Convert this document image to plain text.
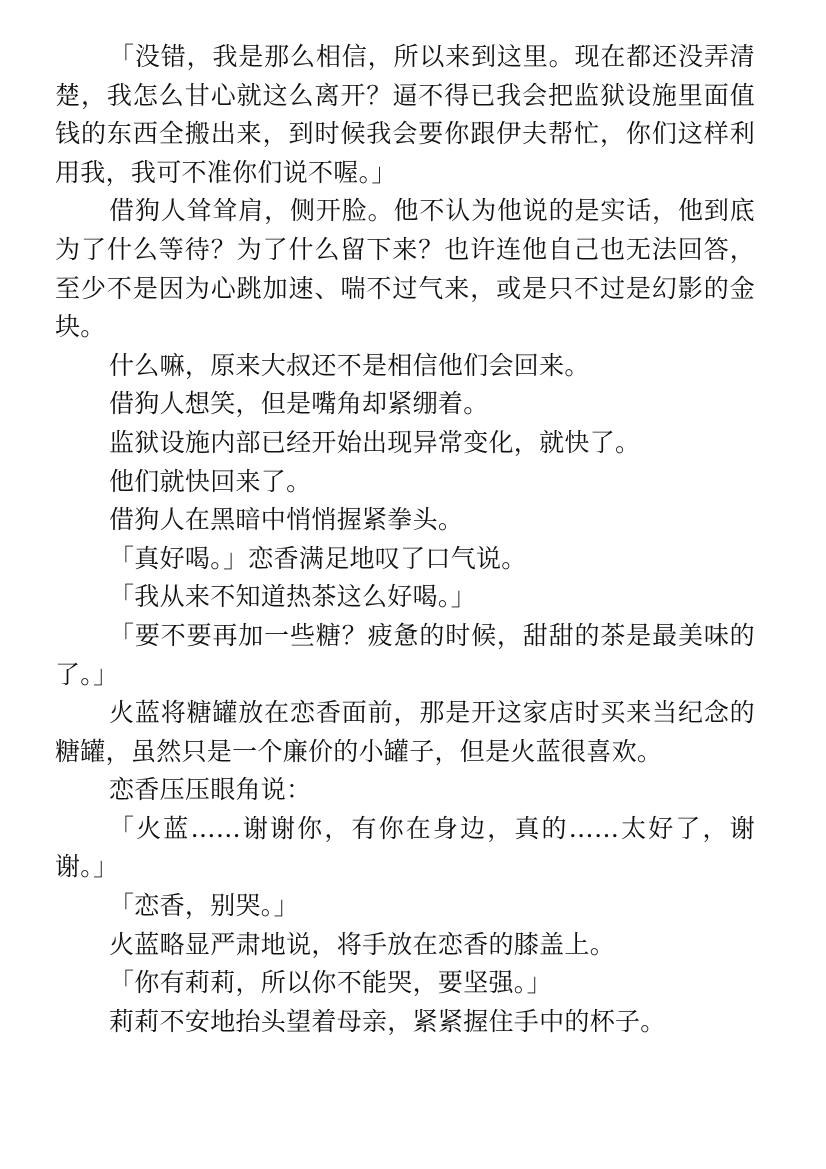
「没错，我是那么相信，所以来到这里。现在都还没弄清楚，我怎么甘心就这么离开？逼不得已我会把监狱设施里面值钱的东西全搬出来，到时候我会要你跟伊夫帮忙，你们这样利用我，我可不准你们说不喔。」

借狗人耸耸肩，侧开脸。他不认为他说的是实话，他到底为了什么等待？为了什么留下来？也许连他自己也无法回答，至少不是因为心跳加速、喘不过气来，或是只不过是幻影的金块。

什么嘛，原来大叔还不是相信他们会回来。

借狗人想笑，但是嘴角却紧绷着。

监狱设施内部已经开始出现异常变化，就快了。

他们就快回来了。

借狗人在黑暗中悄悄握紧拳头。

「真好喝。」恋香满足地叹了口气说。

「我从来不知道热茶这么好喝。」

「要不要再加一些糖？疲惫的时候，甜甜的茶是最美味的了。」

火蓝将糖罐放在恋香面前，那是开这家店时买来当纪念的糖罐，虽然只是一个廉价的小罐子，但是火蓝很喜欢。

恋香压压眼角说：

「火蓝……谢谢你，有你在身边，真的……太好了，谢谢。」

「恋香，别哭。」

火蓝略显严肃地说，将手放在恋香的膝盖上。

「你有莉莉，所以你不能哭，要坚强。」

莉莉不安地抬头望着母亲，紧紧握住手中的杯子。
